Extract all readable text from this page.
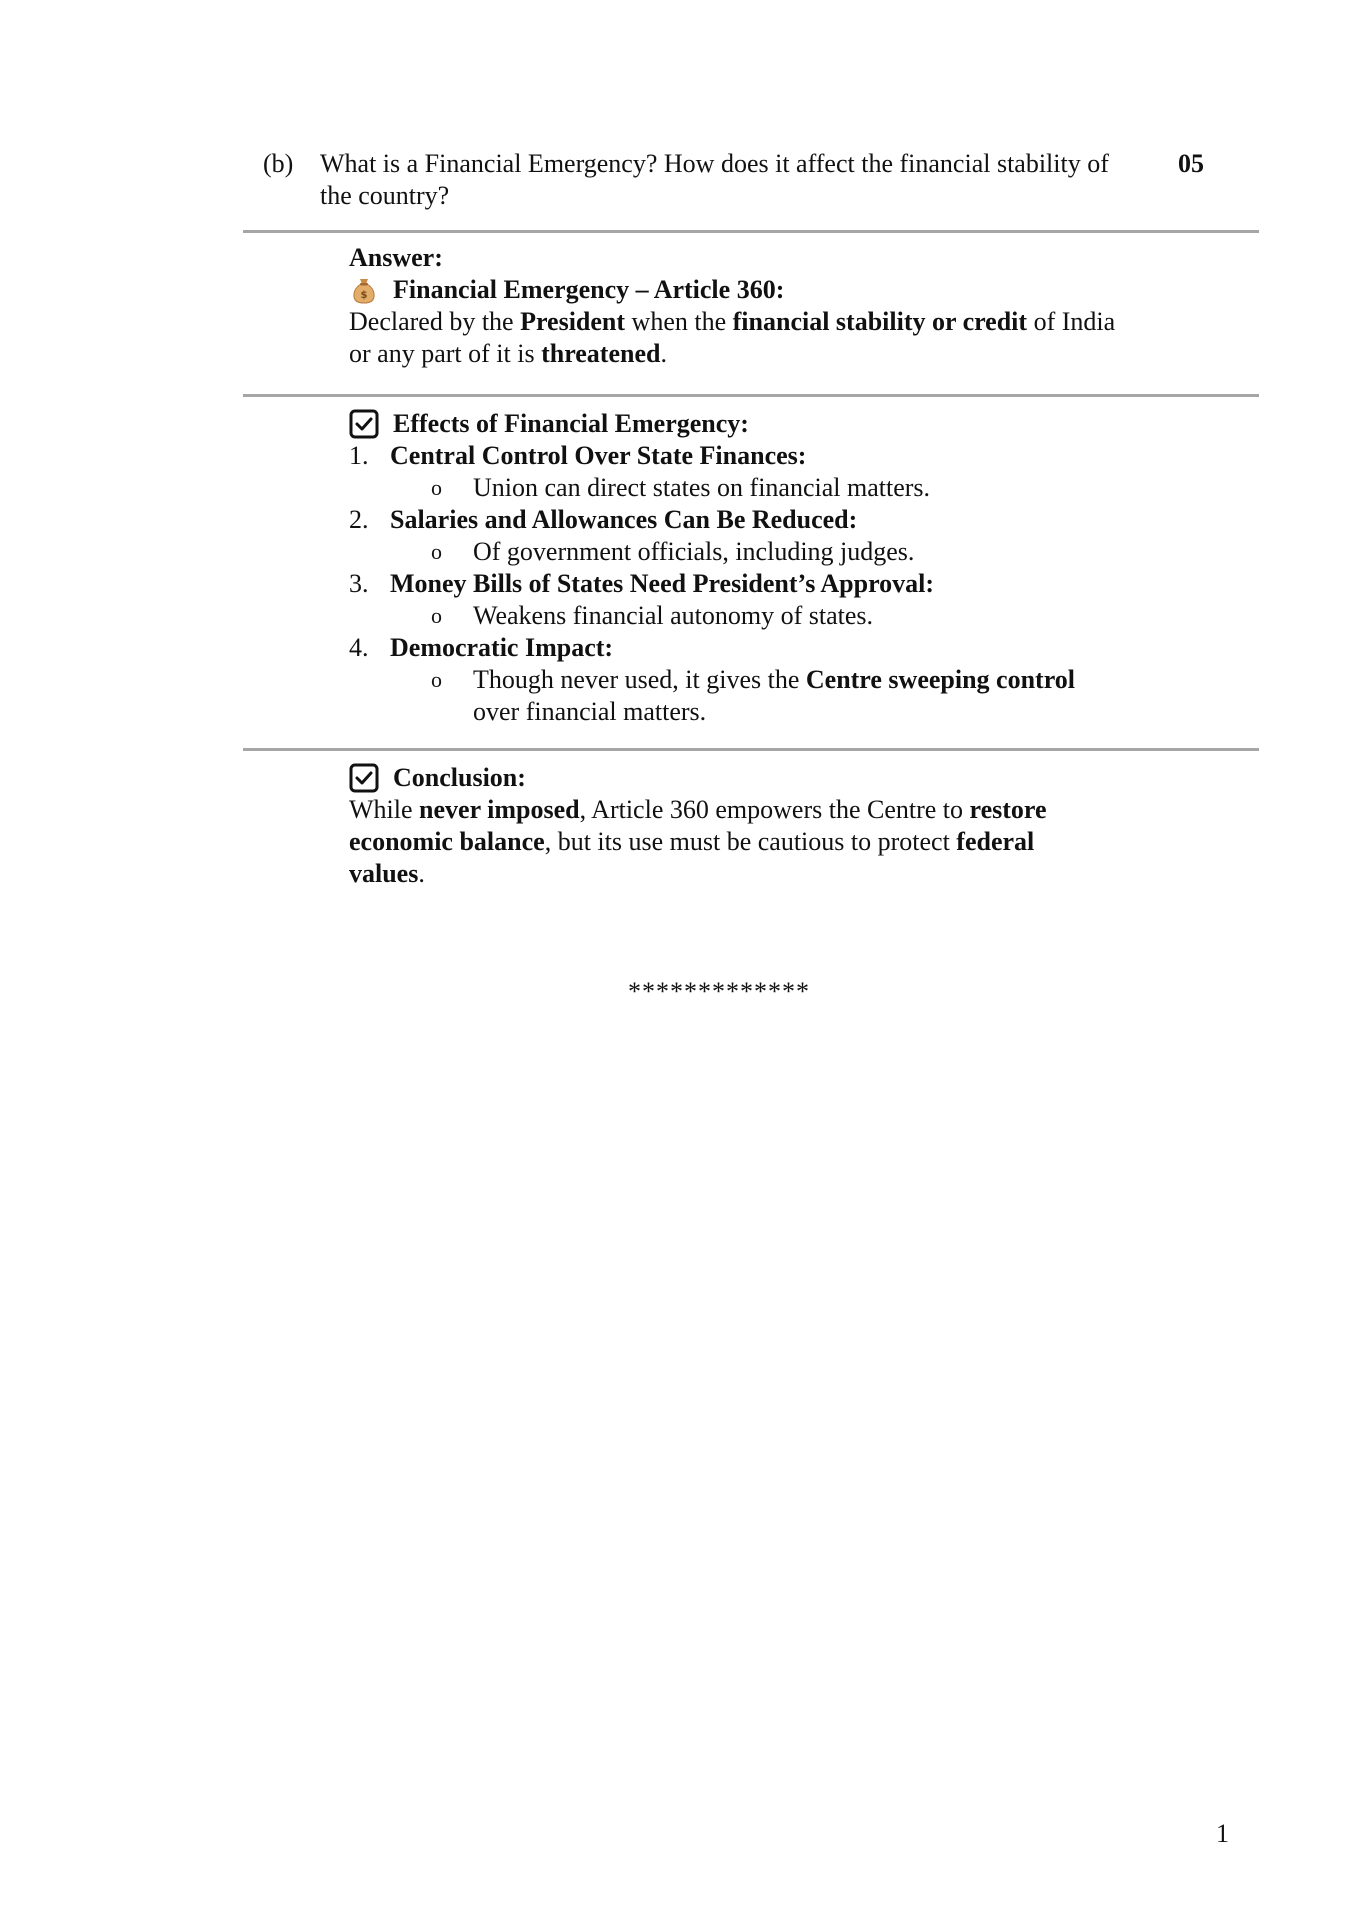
(b) What is a Financial Emergency? How does it affect the financial stability of the country?
05
Answer:
$ Financial Emergency – Article 360:
Declared by the President when the financial stability or credit of India or any part of it is threatened.
Effects of Financial Emergency:
1. Central Control Over State Finances:
o Union can direct states on financial matters.
2. Salaries and Allowances Can Be Reduced:
o Of government officials, including judges.
3. Money Bills of States Need President’s Approval:
o Weakens financial autonomy of states.
4. Democratic Impact:
o Though never used, it gives the Centre sweeping control over financial matters.
Conclusion:
While never imposed, Article 360 empowers the Centre to restore economic balance, but its use must be cautious to protect federal values.
*************
1
